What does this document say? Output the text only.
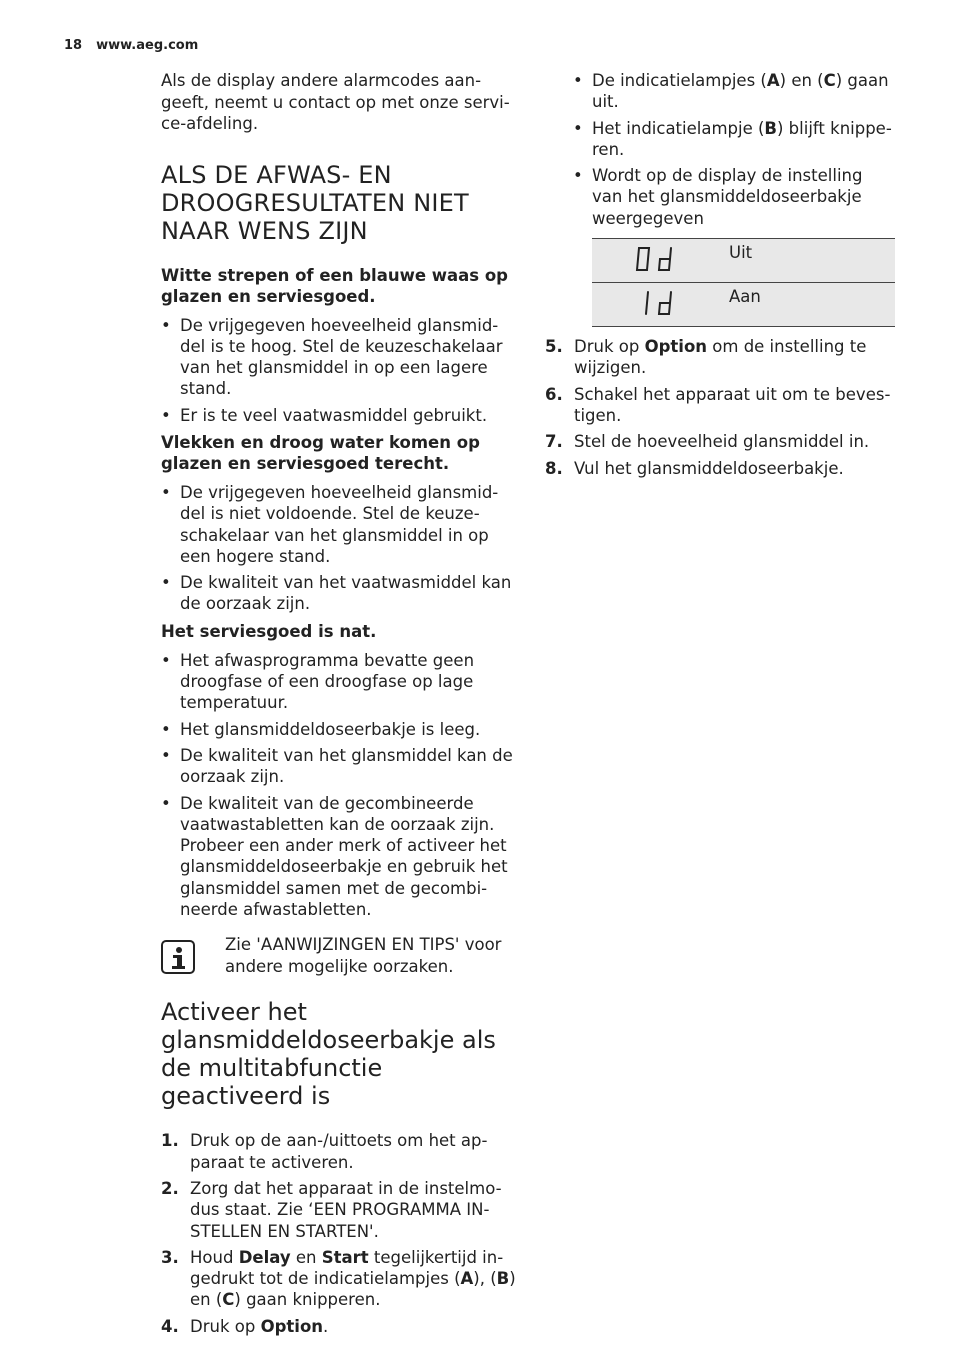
18 www.aeg.com

Als de display andere alarmcodes aan-geeft, neemt u contact op met onze servi-ce-afdeling.

ALS DE AFWAS- EN DROOGRESULTATEN NIET NAAR WENS ZIJN
Witte strepen of een blauwe waas op glazen en serviesgoed.
• De vrijgegeven hoeveelheid glansmid-del is te hoog. Stel de keuzeschakelaar van het glansmiddel in op een lagere stand.
• Er is te veel vaatwasmiddel gebruikt.
Vlekken en droog water komen op glazen en serviesgoed terecht.
• De vrijgegeven hoeveelheid glansmid-del is niet voldoende. Stel de keuze-schakelaar van het glansmiddel in op een hogere stand.
• De kwaliteit van het vaatwasmiddel kan de oorzaak zijn.
Het serviesgoed is nat.
• Het afwasprogramma bevatte geen droogfase of een droogfase op lage temperatuur.
• Het glansmiddeldoseerbakje is leeg.
• De kwaliteit van het glansmiddel kan de oorzaak zijn.
• De kwaliteit van de gecombineerde vaatwastabletten kan de oorzaak zijn. Probeer een ander merk of activeer het glansmiddeldoseerbakje en gebruik het glansmiddel samen met de gecombi-neerde afwastabletten.
Zie 'AANWIJZINGEN EN TIPS' voor andere mogelijke oorzaken.
Activeer het glansmiddeldoseerbakje als de multitabfunctie geactiveerd is
1. Druk op de aan-/uittoets om het ap-paraat te activeren.
2. Zorg dat het apparaat in de instelmo-dus staat. Zie ‘EEN PROGRAMMA IN-STELLEN EN STARTEN'.
3. Houd Delay en Start tegelijkertijd in-gedrukt tot de indicatielampjes (A), (B) en (C) gaan knipperen.
4. Druk op Option.
• De indicatielampjes (A) en (C) gaan uit.
• Het indicatielampje (B) blijft knippe-ren.
• Wordt op de display de instelling van het glansmiddeldoseerbakje weergegeven
	Uit

	Aan
5. Druk op Option om de instelling te wijzigen.
6. Schakel het apparaat uit om te beves-tigen.
7. Stel de hoeveelheid glansmiddel in.
8. Vul het glansmiddeldoseerbakje.
